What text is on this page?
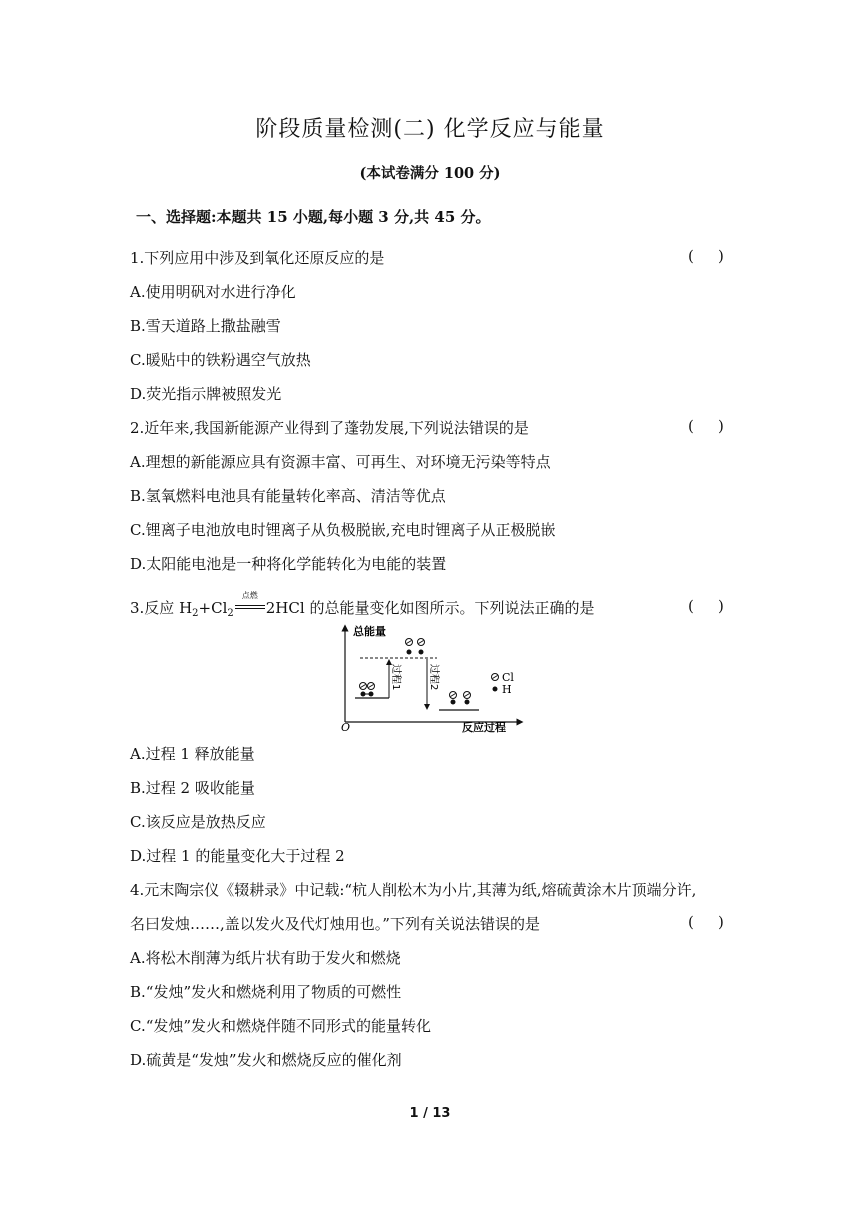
阶段质量检测(二) 化学反应与能量
(本试卷满分 100 分)
一、选择题:本题共 15 小题,每小题 3 分,共 45 分。
1.下列应用中涉及到氧化还原反应的是	( )
A.使用明矾对水进行净化
B.雪天道路上撒盐融雪
C.暖贴中的铁粉遇空气放热
D.荧光指示牌被照发光
2.近年来,我国新能源产业得到了蓬勃发展,下列说法错误的是	( )
A.理想的新能源应具有资源丰富、可再生、对环境无污染等特点
B.氢氧燃料电池具有能量转化率高、清洁等优点
C.锂离子电池放电时锂离子从负极脱嵌,充电时锂离子从正极脱嵌
D.太阳能电池是一种将化学能转化为电能的装置
3.反应 $H_2+Cl_2$
点燃
2HCl 的总能量变化如图所示。下列说法正确的是	( )
总能量
反应过程
O
过程1	过程2	Cl
H
A.过程 1 释放能量
B.过程 2 吸收能量
C.该反应是放热反应
D.过程 1 的能量变化大于过程 2
4.元末陶宗仪《辍耕录》中记载:“杭人削松木为小片,其薄为纸,熔硫黄涂木片顶端分许,
名曰发烛……,盖以发火及代灯烛用也。”下列有关说法错误的是	( )
A.将松木削薄为纸片状有助于发火和燃烧
B.“发烛”发火和燃烧利用了物质的可燃性
C.“发烛”发火和燃烧伴随不同形式的能量转化
D.硫黄是“发烛”发火和燃烧反应的催化剂
1 / 13
